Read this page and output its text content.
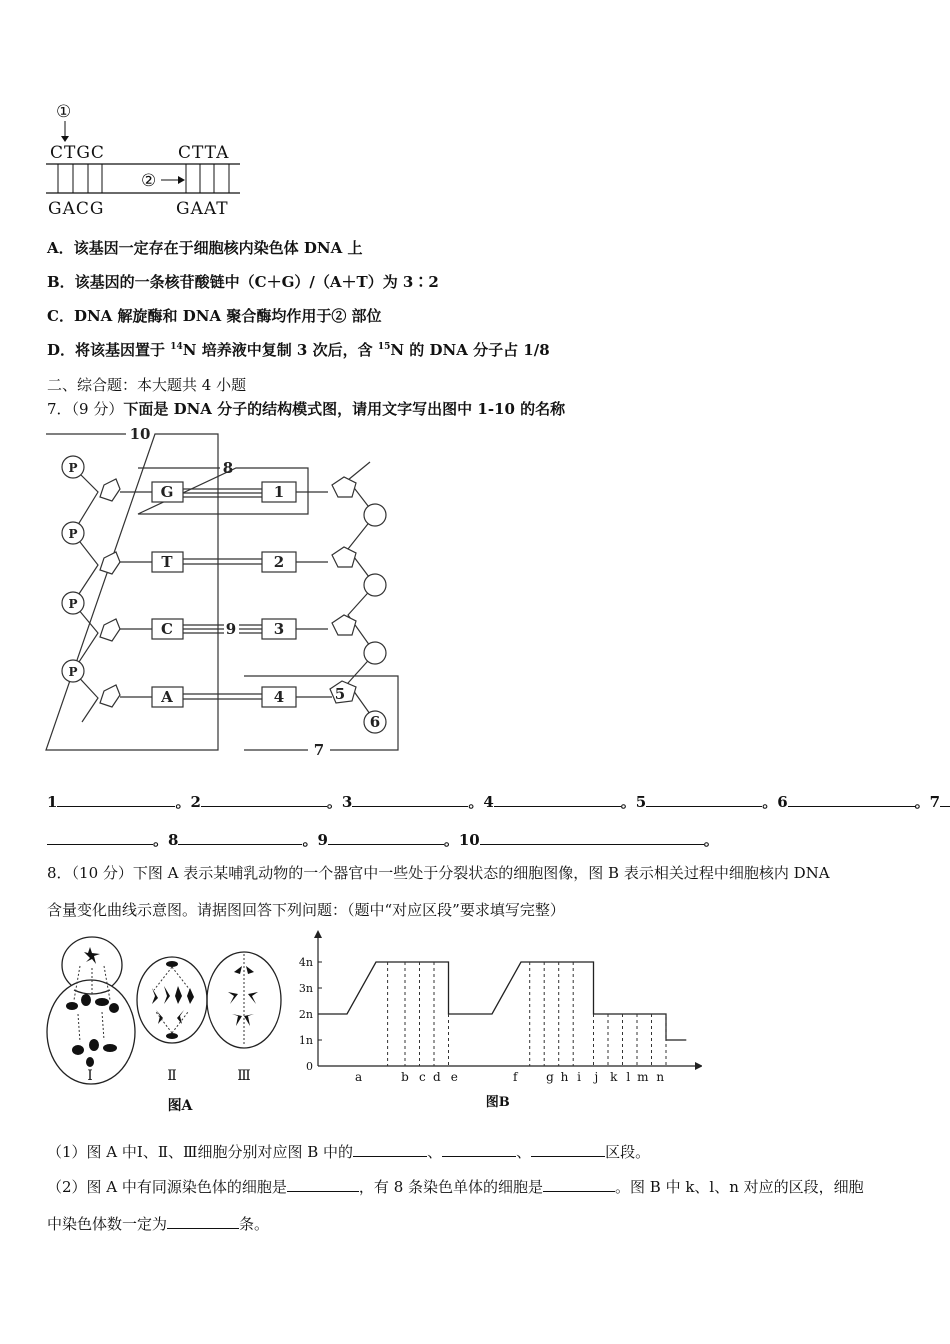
①
CTGC	CTTA
②
GACG	GAAT
A．该基因一定存在于细胞核内染色体 DNA 上
B．该基因的一条核苷酸链中（C＋G）/（A＋T）为 3∶2
C．DNA 解旋酶和 DNA 聚合酶均作用于② 部位
D．将该基因置于 $^{14}$N 培养液中复制 3 次后，含 $^{15}$N 的 DNA 分子占 1/8
二、综合题：本大题共 4 小题
7．（9 分）下面是 DNA 分子的结构模式图，请用文字写出图中 1-10 的名称
P
P
P
P
G
T
C
A
1
2
3
4	5
6
7
8
9
10
1	。2	。3	。4	。5	。6	。7
。8	。9	。10	。
8．（10 分）下图 A 表示某哺乳动物的一个器官中一些处于分裂状态的细胞图像，图 B 表示相关过程中细胞核内 DNA
含量变化曲线示意图。请据图回答下列问题：（题中“对应区段”要求填写完整）
Ⅰ	Ⅱ	Ⅲ
图A
0
1n
2n
3n
4n
a	b c d e	f g h i j k l m n
图B
（1）图 A 中Ⅰ、Ⅱ、Ⅲ细胞分别对应图 B 中的	、	、	区段。
（2）图 A 中有同源染色体的细胞是	，有 8 条染色单体的细胞是	。图 B 中 k、l、n 对应的区段，细胞
中染色体数一定为	条。
